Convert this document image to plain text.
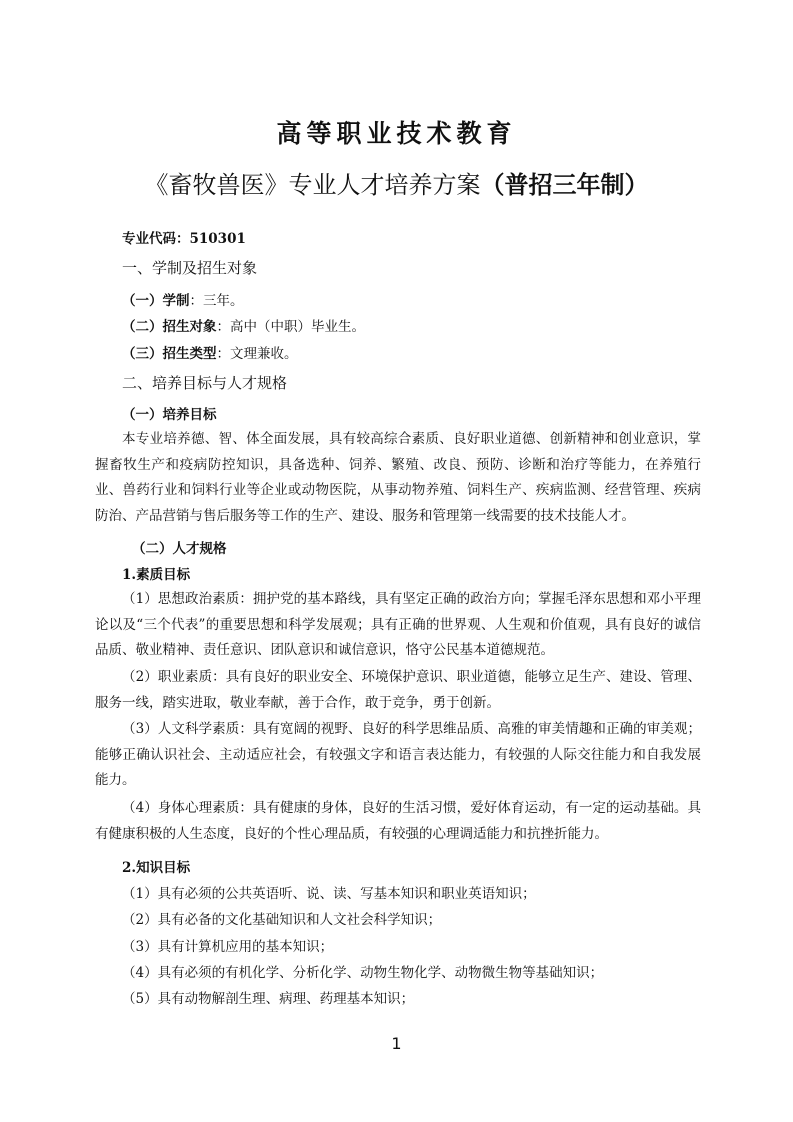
高等职业技术教育
《畜牧兽医》专业人才培养方案（普招三年制）
专业代码：510301
一、学制及招生对象
（一）学制：三年。
（二）招生对象：高中（中职）毕业生。
（三）招生类型：文理兼收。
二、培养目标与人才规格
（一）培养目标
本专业培养德、智、体全面发展，具有较高综合素质、良好职业道德、创新精神和创业意识，掌握畜牧生产和疫病防控知识，具备选种、饲养、繁殖、改良、预防、诊断和治疗等能力，在养殖行业、兽药行业和饲料行业等企业或动物医院，从事动物养殖、饲料生产、疾病监测、经营管理、疾病防治、产品营销与售后服务等工作的生产、建设、服务和管理第一线需要的技术技能人才。
（二）人才规格
1.素质目标
（1）思想政治素质：拥护党的基本路线，具有坚定正确的政治方向；掌握毛泽东思想和邓小平理论以及“三个代表”的重要思想和科学发展观；具有正确的世界观、人生观和价值观，具有良好的诚信品质、敬业精神、责任意识、团队意识和诚信意识，恪守公民基本道德规范。
（2）职业素质：具有良好的职业安全、环境保护意识、职业道德，能够立足生产、建设、管理、服务一线，踏实进取，敬业奉献，善于合作，敢于竞争，勇于创新。
（3）人文科学素质：具有宽阔的视野、良好的科学思维品质、高雅的审美情趣和正确的审美观；能够正确认识社会、主动适应社会，有较强文字和语言表达能力，有较强的人际交往能力和自我发展能力。
（4）身体心理素质：具有健康的身体，良好的生活习惯，爱好体育运动，有一定的运动基础。具有健康积极的人生态度，良好的个性心理品质，有较强的心理调适能力和抗挫折能力。
2.知识目标
（1）具有必须的公共英语听、说、读、写基本知识和职业英语知识；
（2）具有必备的文化基础知识和人文社会科学知识；
（3）具有计算机应用的基本知识；
（4）具有必须的有机化学、分析化学、动物生物化学、动物微生物等基础知识；
（5）具有动物解剖生理、病理、药理基本知识；
1
